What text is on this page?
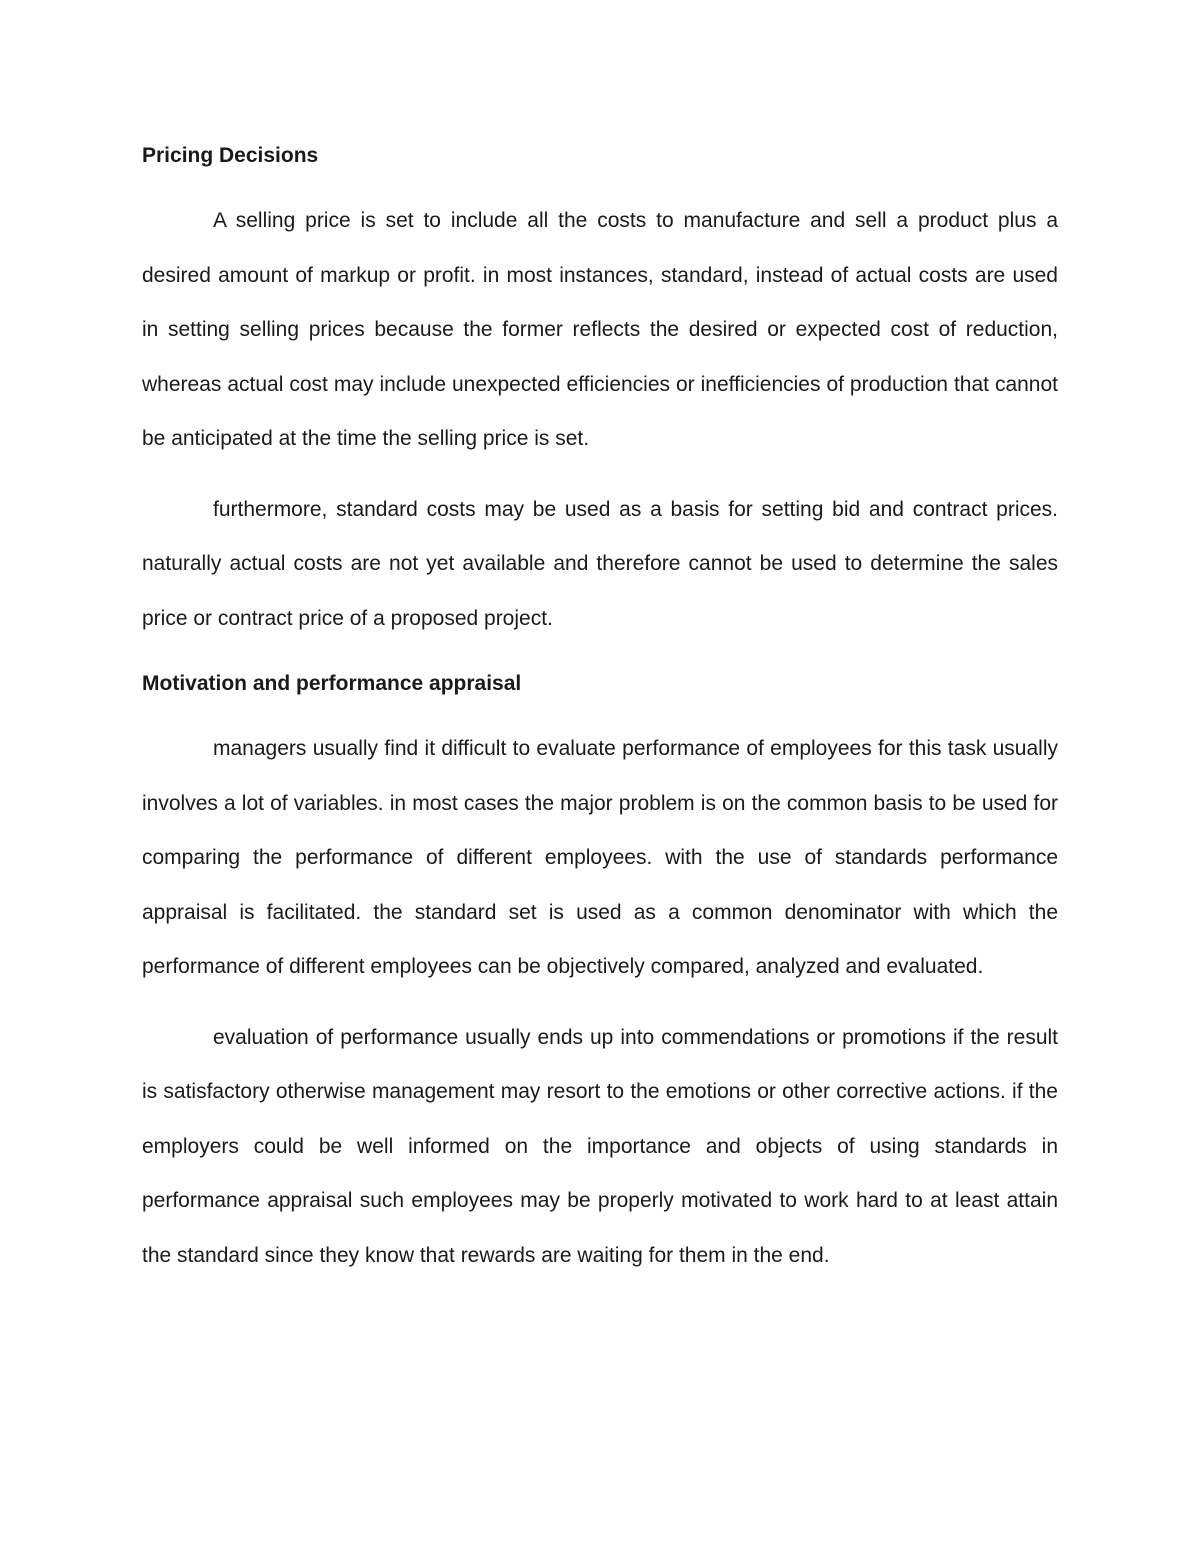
Pricing Decisions

A selling price is set to include all the costs to manufacture and sell a product plus a desired amount of markup or profit. in most instances, standard, instead of actual costs are used in setting selling prices because the former reflects the desired or expected cost of reduction, whereas actual cost may include unexpected efficiencies or inefficiencies of production that cannot be anticipated at the time the selling price is set.

furthermore, standard costs may be used as a basis for setting bid and contract prices. naturally actual costs are not yet available and therefore cannot be used to determine the sales price or contract price of a proposed project.

Motivation and performance appraisal

managers usually find it difficult to evaluate performance of employees for this task usually involves a lot of variables. in most cases the major problem is on the common basis to be used for comparing the performance of different employees. with the use of standards performance appraisal is facilitated. the standard set is used as a common denominator with which the performance of different employees can be objectively compared, analyzed and evaluated.

evaluation of performance usually ends up into commendations or promotions if the result is satisfactory otherwise management may resort to the emotions or other corrective actions. if the employers could be well informed on the importance and objects of using standards in performance appraisal such employees may be properly motivated to work hard to at least attain the standard since they know that rewards are waiting for them in the end.
